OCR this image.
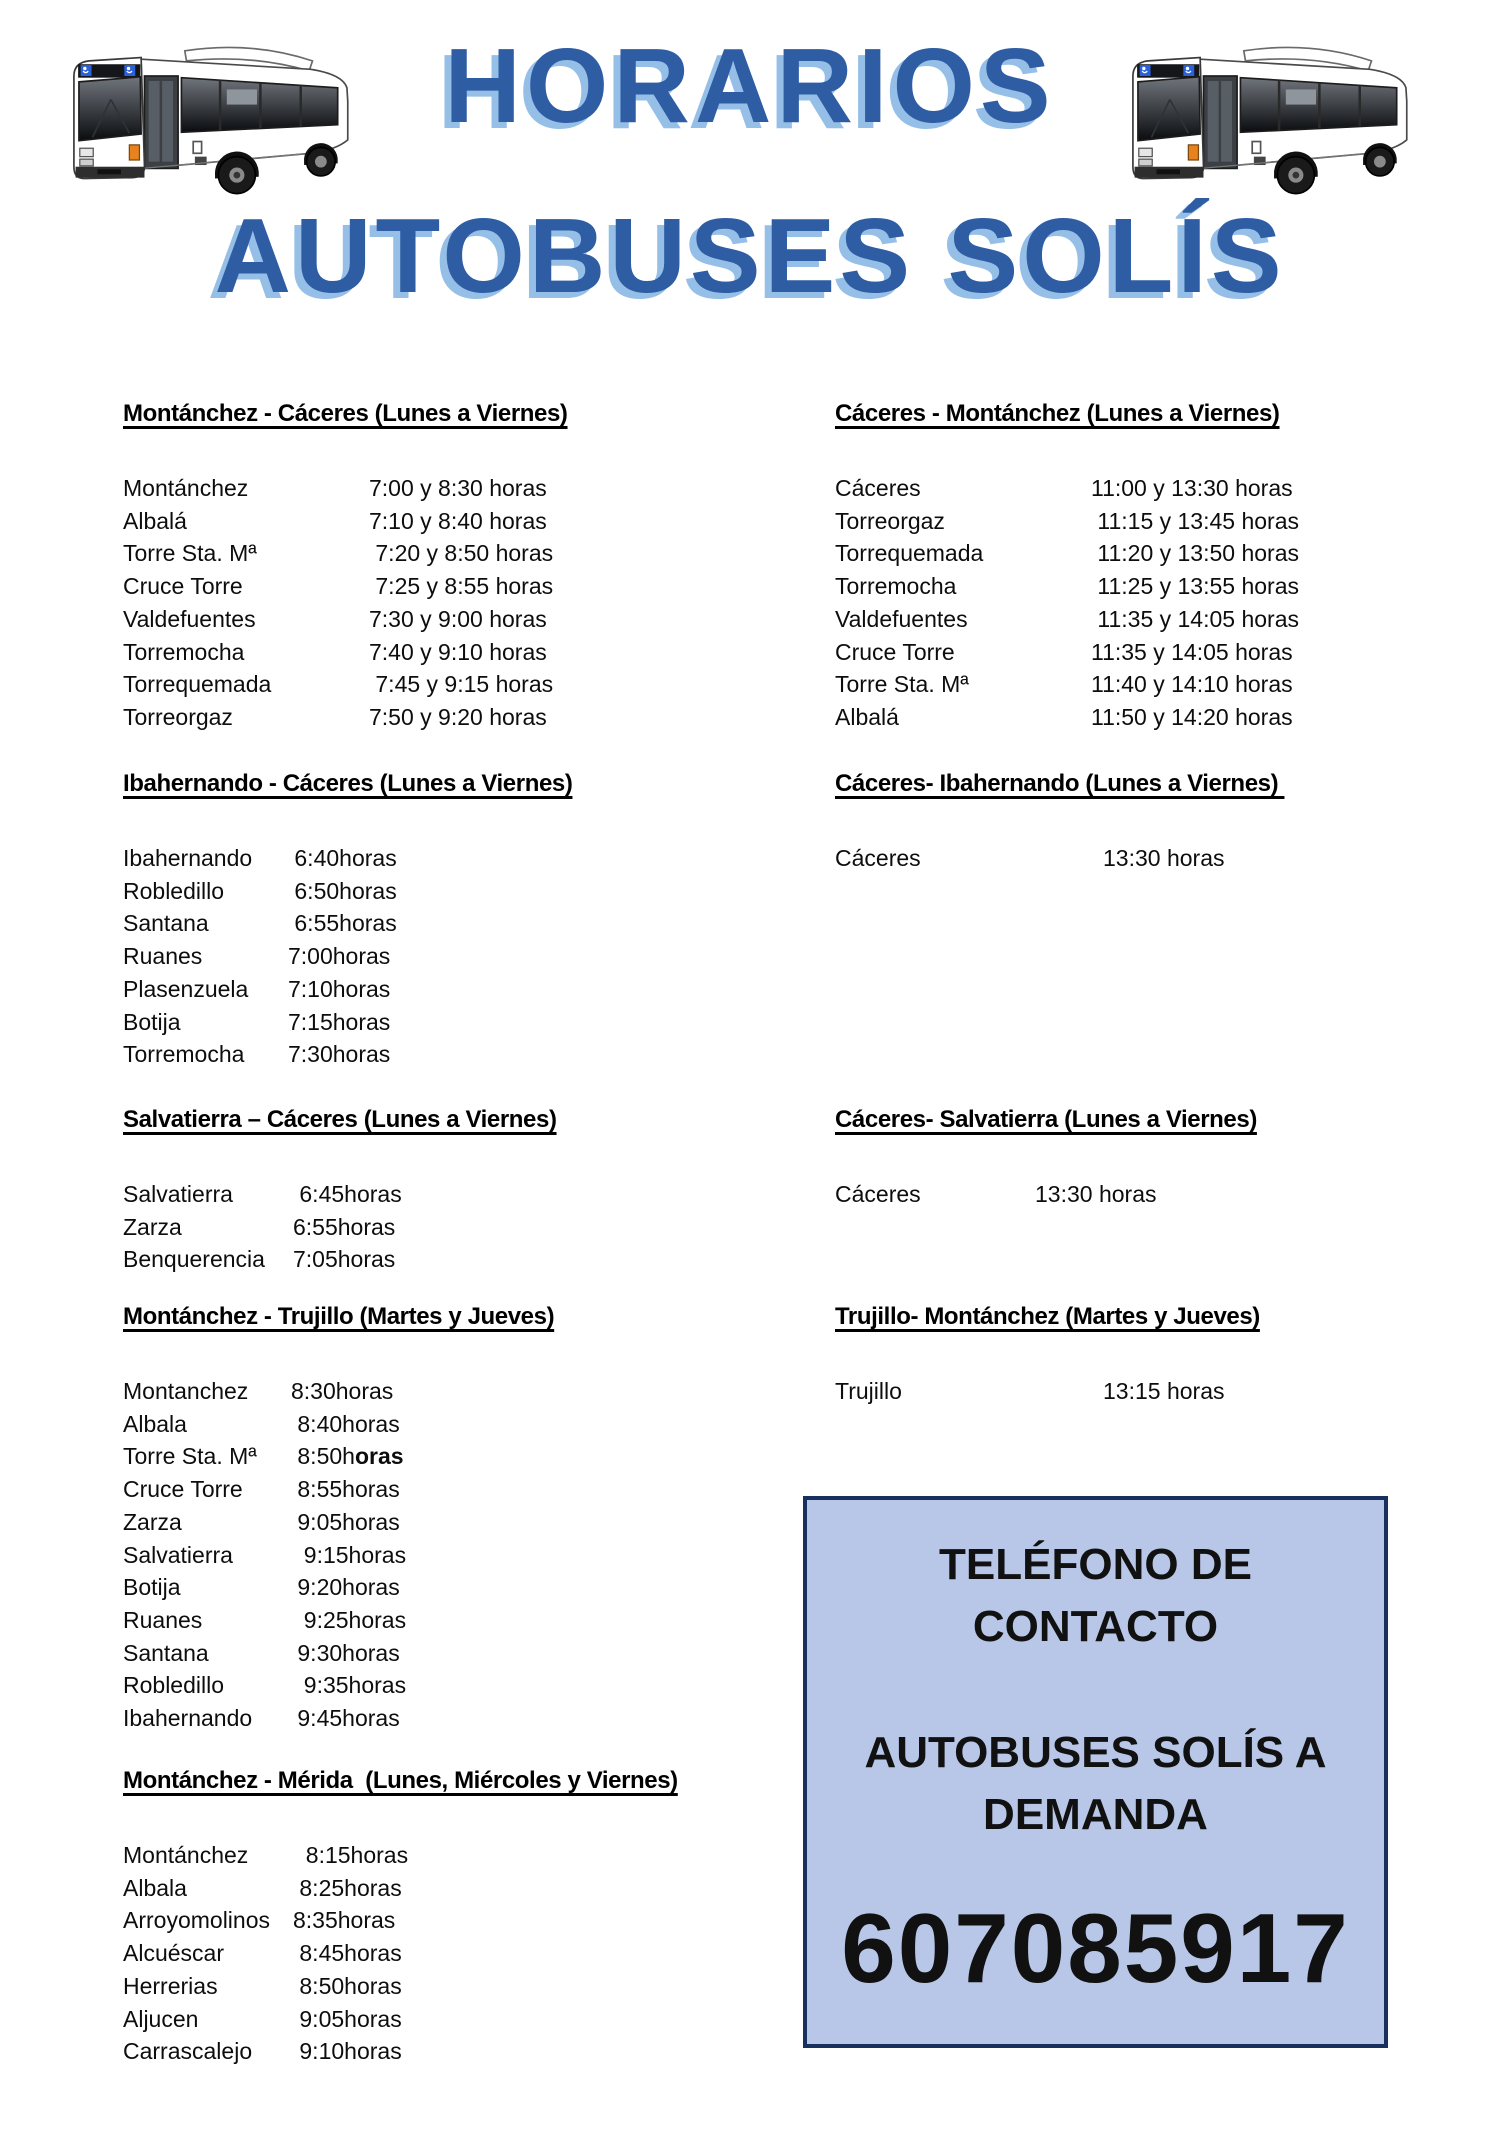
HORARIOS
AUTOBUSES SOLÍS
Montánchez - Cáceres (Lunes a Viernes)
Montánchez	7:00 y 8:30 horas
Albalá	7:10 y 8:40 horas
Torre Sta. Mª	7:20 y 8:50 horas
Cruce Torre	7:25 y 8:55 horas
Valdefuentes	7:30 y 9:00 horas
Torremocha	7:40 y 9:10 horas
Torrequemada	7:45 y 9:15 horas
Torreorgaz	7:50 y 9:20 horas
Ibahernando - Cáceres (Lunes a Viernes)
Ibahernando	6:40horas
Robledillo	6:50horas
Santana	6:55horas
Ruanes	7:00horas
Plasenzuela	7:10horas
Botija	7:15horas
Torremocha	7:30horas
Salvatierra – Cáceres (Lunes a Viernes)
Salvatierra	6:45horas
Zarza	6:55horas
Benquerencia	7:05horas
Montánchez - Trujillo (Martes y Jueves)
Montanchez	8:30horas
Albala	8:40horas
Torre Sta. Mª	8:50horas
Cruce Torre	8:55horas
Zarza	9:05horas
Salvatierra	9:15horas
Botija	9:20horas
Ruanes	9:25horas
Santana	9:30horas
Robledillo	9:35horas
Ibahernando	9:45horas
Montánchez - Mérida  (Lunes, Miércoles y Viernes)
Montánchez	8:15horas
Albala	8:25horas
Arroyomolinos	8:35horas
Alcuéscar	8:45horas
Herrerias	8:50horas
Aljucen	9:05horas
Carrascalejo	9:10horas
Cáceres - Montánchez (Lunes a Viernes)
Cáceres	11:00 y 13:30 horas
Torreorgaz	11:15 y 13:45 horas
Torrequemada	11:20 y 13:50 horas
Torremocha	11:25 y 13:55 horas
Valdefuentes	11:35 y 14:05 horas
Cruce Torre	11:35 y 14:05 horas
Torre Sta. Mª	11:40 y 14:10 horas
Albalá	11:50 y 14:20 horas
Cáceres- Ibahernando (Lunes a Viernes)
Cáceres	13:30 horas
Cáceres- Salvatierra (Lunes a Viernes)
Cáceres	13:30 horas
Trujillo- Montánchez (Martes y Jueves)
Trujillo	13:15 horas
TELÉFONO DE CONTACTO
AUTOBUSES SOLÍS A DEMANDA
607085917
